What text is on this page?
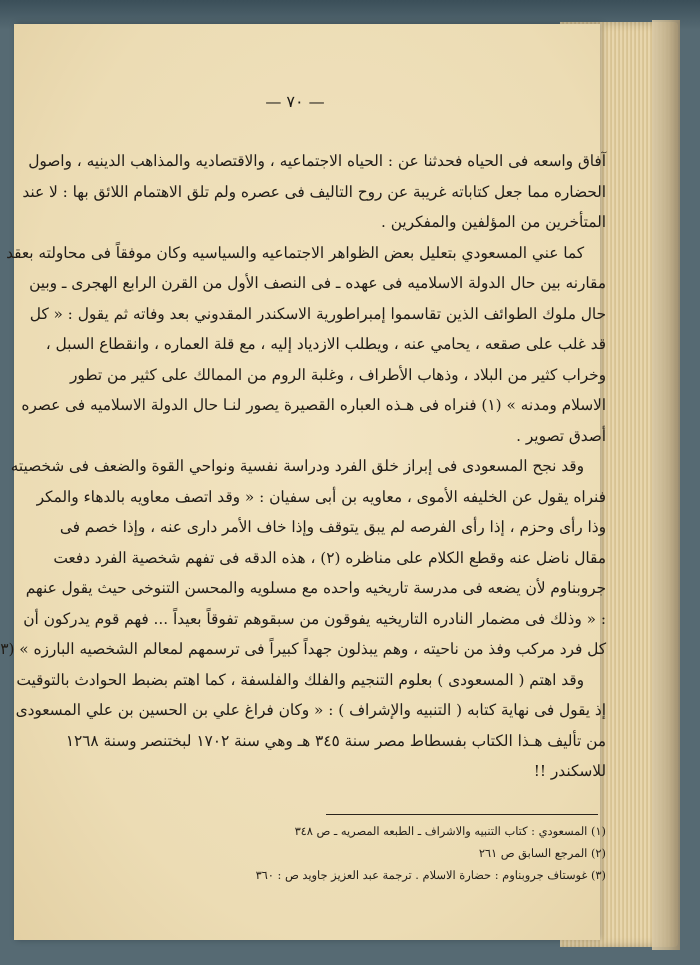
— ٧٠ —
آفاق واسعه فى الحياه فحدثنا عن : الحياه الاجتماعيه ، والاقتصاديه والمذاهب الدينيه ، واصول
الحضاره مما جعل كتاباته غريبة عن روح التاليف فى عصره ولم تلق الاهتمام اللائق بها : لا عند
المتأخرين من المؤلفين والمفكرين .
كما عني المسعودي بتعليل بعض الظواهر الاجتماعيه والسياسيه وكان موفقاً فى محاولته بعقد
مقارنه بين حال الدولة الاسلاميه فى عهده ـ فى النصف الأول من القرن الرابع الهجرى ـ وبين
حال ملوك الطوائف الذين تقاسموا إمبراطورية الاسكندر المقدوني بعد وفاته ثم يقول : « كل
قد غلب على صقعه ، يحامي عنه ، ويطلب الازدياد إليه ، مع قلة العماره ، وانقطاع السبل ،
وخراب كثير من البلاد ، وذهاب الأطراف ، وغلبة الروم من الممالك على كثير من تطور
الاسلام ومدنه » (١) فنراه فى هـذه العباره القصيرة يصور لنـا حال الدولة الاسلاميه فى عصره
أصدق تصوير .
وقد نجح المسعودى فى إبراز خلق الفرد ودراسة نفسية ونواحي القوة والضعف فى شخصيته
فنراه يقول عن الخليفه الأموى ، معاويه بن أبى سفيان : « وقد اتصف معاويه بالدهاء والمكر
وذا رأى وحزم ، إذا رأى الفرصه لم يبق يتوقف وإذا خاف الأمر دارى عنه ، وإذا خصم فى
مقال ناضل عنه وقطع الكلام على مناظره (٢) ، هذه الدقه فى تفهم شخصية الفرد دفعت
جروبناوم لأن يضعه فى مدرسة تاريخيه واحده مع مسلويه والمحسن التنوخى حيث يقول عنهم
: « وذلك فى مضمار النادره التاريخيه يفوقون من سبقوهم تفوقاً بعيداً ... فهم قوم يدركون أن
كل فرد مركب وفذ من ناحيته ، وهم يبذلون جهداً كبيراً فى ترسمهم لمعالم الشخصيه البارزه » (٣
وقد اهتم ( المسعودى ) بعلوم التنجيم والفلك والفلسفة ، كما اهتم بضبط الحوادث بالتوقيت
إذ يقول فى نهاية كتابه ( التنبيه والإشراف ) : « وكان فراغ علي بن الحسين بن علي المسعودى
من تأليف هـذا الكتاب بفسطاط مصر سنة ٣٤٥ هـ وهي سنة ١٧٠٢ لبختنصر وسنة ١٢٦٨
للاسكندر !!
(١) المسعودي : كتاب التنبيه والاشراف ـ الطبعه المصريه ـ ص ٣٤٨
(٢) المرجع السابق ص ٢٦١
(٣) غوستاف جروبناوم : حضارة الاسلام . ترجمة عبد العزيز جاويد ص : ٣٦٠
